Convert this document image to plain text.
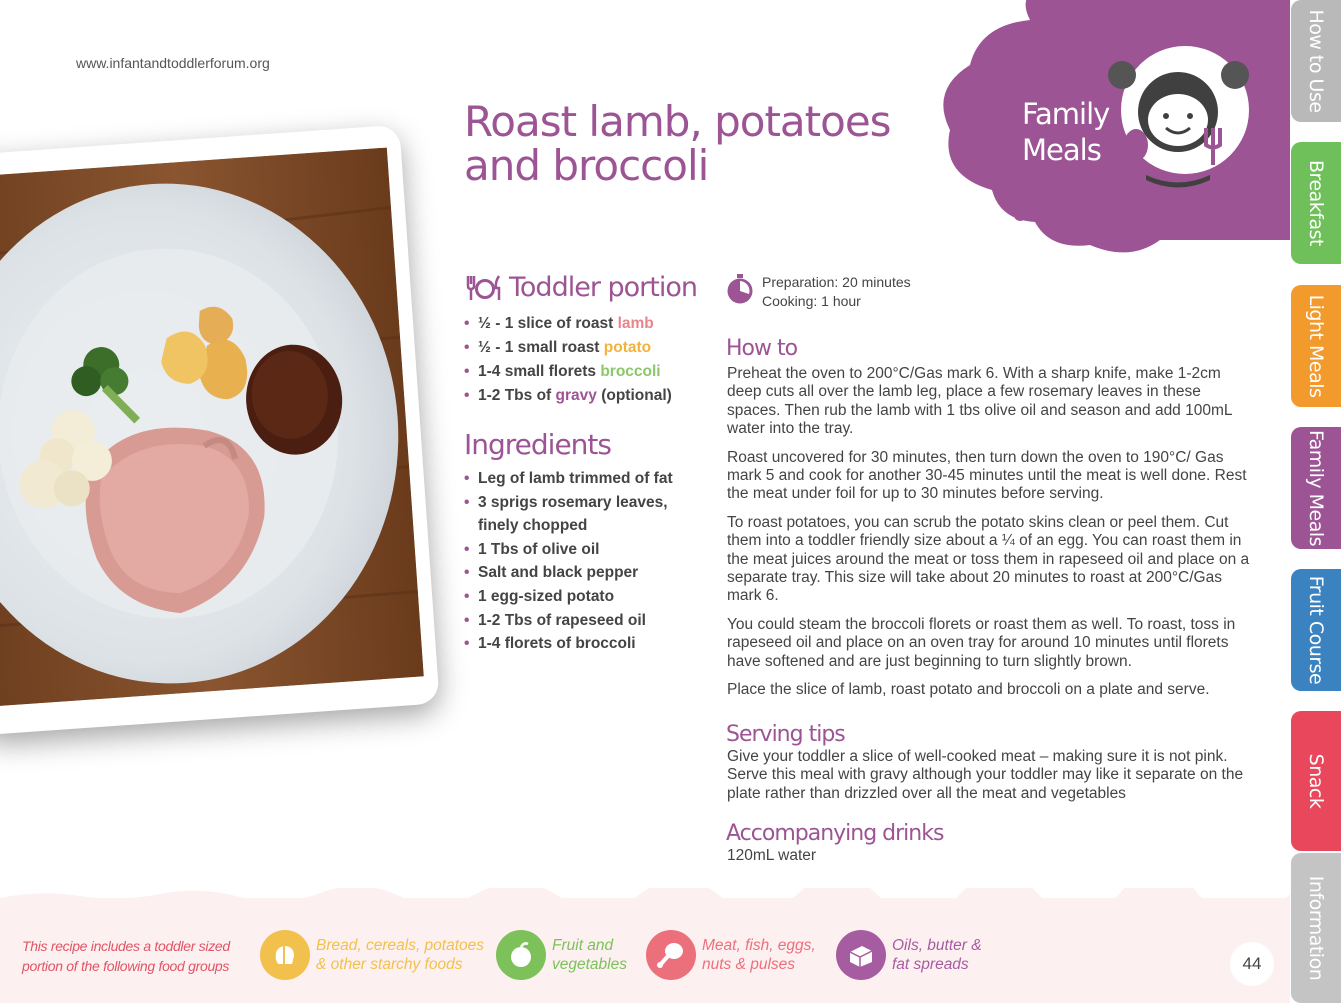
www.infantandtoddlerforum.org
Roast lamb, potatoes and broccoli
Family
Meals
Toddler portion
• ½ - 1 slice of roast lamb
• ½ - 1 small roast potato
• 1-4 small florets broccoli
• 1-2 Tbs of gravy (optional)
Ingredients
• Leg of lamb trimmed of fat
• 3 sprigs rosemary leaves, finely chopped
• 1 Tbs of olive oil
• Salt and black pepper
• 1 egg-sized potato
• 1-2 Tbs of rapeseed oil
• 1-4 florets of broccoli
Preparation: 20 minutes
Cooking: 1 hour
How to

Preheat the oven to 200°C/Gas mark 6. With a sharp knife, make 1-2cm deep cuts all over the lamb leg, place a few rosemary leaves in these spaces. Then rub the lamb with 1 tbs olive oil and season and add 100mL water into the tray.

Roast uncovered for 30 minutes, then turn down the oven to 190°C/ Gas mark 5 and cook for another 30-45 minutes until the meat is well done. Rest the meat under foil for up to 30 minutes before serving.

To roast potatoes, you can scrub the potato skins clean or peel them. Cut them into a toddler friendly size about a ¼ of an egg. You can roast them in the meat juices around the meat or toss them in rapeseed oil and place on a separate tray. This size will take about 20 minutes to roast at 200°C/Gas mark 6.

You could steam the broccoli florets or roast them as well. To roast, toss in rapeseed oil and place on an oven tray for around 10 minutes until florets have softened and are just beginning to turn slightly brown.

Place the slice of lamb, roast potato and broccoli on a plate and serve.

Serving tips
Give your toddler a slice of well-cooked meat – making sure it is not pink. Serve this meal with gravy although your toddler may like it separate on the plate rather than drizzled over all the meat and vegetables
Accompanying drinks
120mL water
How to Use
Breakfast
Light Meals
Family Meals
Fruit Course
Snack
Information
This recipe includes a toddler sized portion of the following food groups
Bread, cereals, potatoes
& other starchy foods
Fruit and
vegetables
Meat, fish, eggs,
nuts & pulses
Oils, butter &
fat spreads	44
